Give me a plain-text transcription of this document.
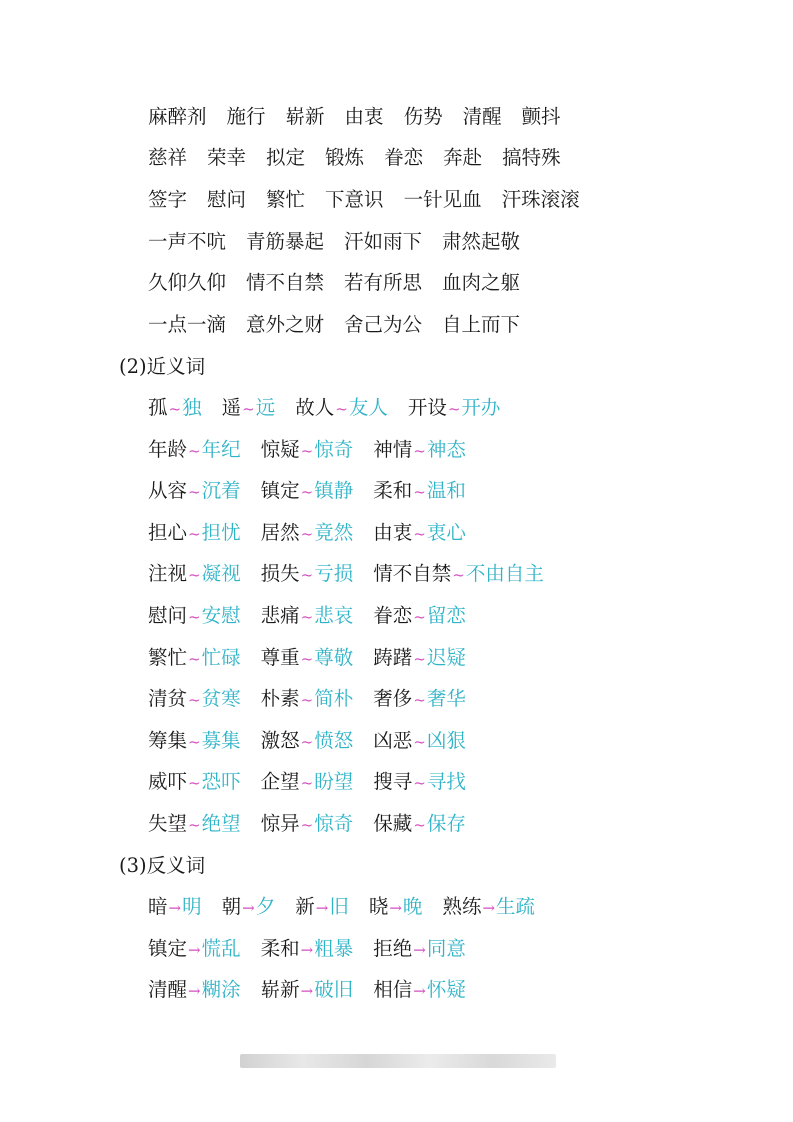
麻醉剂 施行 崭新 由衷 伤势 清醒 颤抖
慈祥 荣幸 拟定 锻炼 眷恋 奔赴 搞特殊
签字 慰问 繁忙 下意识 一针见血 汗珠滚滚
一声不吭 青筋暴起 汗如雨下 肃然起敬
久仰久仰 情不自禁 若有所思 血肉之躯
一点一滴 意外之财 舍己为公 自上而下
(2)近义词
孤~独 遥~远 故人~友人 开设~开办
年龄~年纪 惊疑~惊奇 神情~神态
从容~沉着 镇定~镇静 柔和~温和
担心~担忧 居然~竟然 由衷~衷心
注视~凝视 损失~亏损 情不自禁~不由自主
慰问~安慰 悲痛~悲哀 眷恋~留恋
繁忙~忙碌 尊重~尊敬 踌躇~迟疑
清贫~贫寒 朴素~简朴 奢侈~奢华
筹集~募集 激怒~愤怒 凶恶~凶狠
威吓~恐吓 企望~盼望 搜寻~寻找
失望~绝望 惊异~惊奇 保藏~保存
(3)反义词
暗→明 朝→夕 新→旧 晓→晚 熟练→生疏
镇定→慌乱 柔和→粗暴 拒绝→同意
清醒→糊涂 崭新→破旧 相信→怀疑
